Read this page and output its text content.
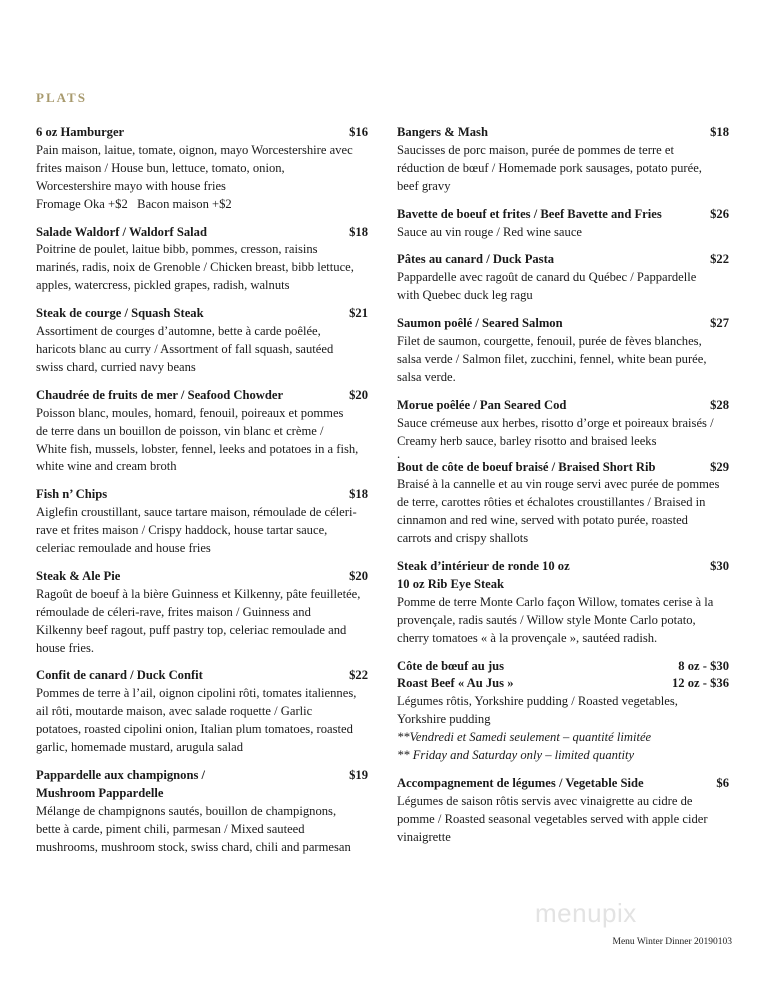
PLATS
6 oz Hamburger	$16
Pain maison, laitue, tomate, oignon, mayo Worcestershire avec
frites maison / House bun, lettuce, tomato, onion,
Worcestershire mayo with house fries
Fromage Oka +$2   Bacon maison +$2
Salade Waldorf / Waldorf Salad	$18
Poitrine de poulet, laitue bibb, pommes, cresson, raisins
marinés, radis, noix de Grenoble / Chicken breast, bibb lettuce,
apples, watercress, pickled grapes, radish, walnuts
Steak de courge / Squash Steak	$21
Assortiment de courges d’automne, bette à carde poêlée,
haricots blanc au curry / Assortment of fall squash, sautéed
swiss chard, curried navy beans
Chaudrée de fruits de mer / Seafood Chowder	$20
Poisson blanc, moules, homard, fenouil, poireaux et pommes
de terre dans un bouillon de poisson, vin blanc et crème /
White fish, mussels, lobster, fennel, leeks and potatoes in a fish,
white wine and cream broth
Fish n’ Chips	$18
Aiglefin croustillant, sauce tartare maison, rémoulade de céleri-
rave et frites maison / Crispy haddock, house tartar sauce,
celeriac remoulade and house fries
Steak & Ale Pie	$20
Ragoût de boeuf à la bière Guinness et Kilkenny, pâte feuilletée,
rémoulade de céleri-rave, frites maison / Guinness and
Kilkenny beef ragout, puff pastry top, celeriac remoulade and
house fries.
Confit de canard / Duck Confit	$22
Pommes de terre à l’ail, oignon cipolini rôti, tomates italiennes,
ail rôti, moutarde maison, avec salade roquette / Garlic
potatoes, roasted cipolini onion, Italian plum tomatoes, roasted
garlic, homemade mustard, arugula salad
Pappardelle aux champignons /	$19
Mushroom Pappardelle
Mélange de champignons sautés, bouillon de champignons,
bette à carde, piment chili, parmesan / Mixed sauteed
mushrooms, mushroom stock, swiss chard, chili and parmesan
Bangers & Mash	$18
Saucisses de porc maison, purée de pommes de terre et
réduction de bœuf / Homemade pork sausages, potato purée,
beef gravy
Bavette de boeuf et frites / Beef Bavette and Fries	$26
Sauce au vin rouge / Red wine sauce
Pâtes au canard / Duck Pasta	$22
Pappardelle avec ragoût de canard du Québec / Pappardelle
with Quebec duck leg ragu
Saumon poêlé / Seared Salmon	$27
Filet de saumon, courgette, fenouil, purée de fèves blanches,
salsa verde / Salmon filet, zucchini, fennel, white bean purée,
salsa verde.
Morue poêlée / Pan Seared Cod	$28
Sauce crémeuse aux herbes, risotto d’orge et poireaux braisés /
Creamy herb sauce, barley risotto and braised leeks
.
Bout de côte de boeuf braisé / Braised Short Rib	$29
Braisé à la cannelle et au vin rouge servi avec purée de pommes
de terre, carottes rôties et échalotes croustillantes / Braised in
cinnamon and red wine, served with potato purée, roasted
carrots and crispy shallots
Steak d’intérieur de ronde 10 oz	$30
10 oz Rib Eye Steak
Pomme de terre Monte Carlo façon Willow, tomates cerise à la
provençale, radis sautés / Willow style Monte Carlo potato,
cherry tomatoes « à la provençale », sautéed radish.
Côte de bœuf au jus	8 oz - $30
Roast Beef « Au Jus »	12 oz - $36
Légumes rôtis, Yorkshire pudding / Roasted vegetables,
Yorkshire pudding
**Vendredi et Samedi seulement – quantité limitée
** Friday and Saturday only – limited quantity
Accompagnement de légumes / Vegetable Side	$6
Légumes de saison rôtis servis avec vinaigrette au cidre de
pomme / Roasted seasonal vegetables served with apple cider
vinaigrette
menupix
Menu Winter Dinner 20190103
